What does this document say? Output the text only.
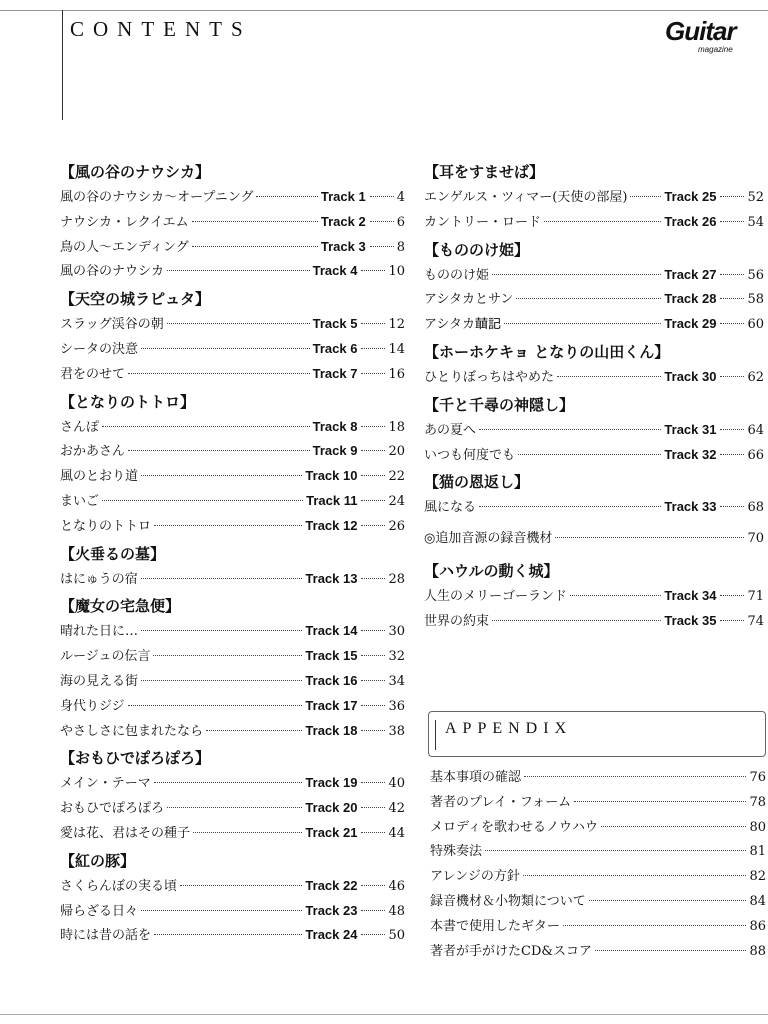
CONTENTS	Guitar
magazine
【風の谷のナウシカ】
風の谷のナウシカ～オープニング	Track 1 4
ナウシカ・レクイエム	Track 2 6
鳥の人～エンディング	Track 3 8
風の谷のナウシカ	Track 4 10
【天空の城ラピュタ】
スラッグ渓谷の朝	Track 5 12
シータの決意	Track 6 14
君をのせて	Track 7 16
【となりのトトロ】
さんぽ	Track 8 18
おかあさん	Track 9 20
風のとおり道	Track 10 22
まいご	Track 11 24
となりのトトロ	Track 12 26
【火垂るの墓】
はにゅうの宿	Track 13 28
【魔女の宅急便】
晴れた日に…	Track 14 30
ルージュの伝言	Track 15 32
海の見える街	Track 16 34
身代りジジ	Track 17 36
やさしさに包まれたなら	Track 18 38
【おもひでぽろぽろ】
メイン・テーマ	Track 19 40
おもひでぽろぽろ	Track 20 42
愛は花、君はその種子	Track 21 44
【紅の豚】
さくらんぼの実る頃	Track 22 46
帰らざる日々	Track 23 48
時には昔の話を	Track 24 50
【耳をすませば】
エンゲルス・ツィマー(天使の部屋)	Track 25 52
カントリー・ロード	Track 26 54
【もののけ姫】
もののけ姫	Track 27 56
アシタカとサン	Track 28 58
アシタカ𦻙記	Track 29 60
【ホーホケキョ となりの山田くん】
ひとりぼっちはやめた	Track 30 62
【千と千尋の神隠し】
あの夏へ	Track 31 64
いつも何度でも	Track 32 66
【猫の恩返し】
風になる	Track 33 68
◎追加音源の録音機材	70
【ハウルの動く城】
人生のメリーゴーランド	Track 34 71
世界の約束	Track 35 74
APPENDIX
基本事項の確認	76
著者のプレイ・フォーム	78
メロディを歌わせるノウハウ	80
特殊奏法	81
アレンジの方針	82
録音機材＆小物類について	84
本書で使用したギター	86
著者が手がけたCD&スコア	88
